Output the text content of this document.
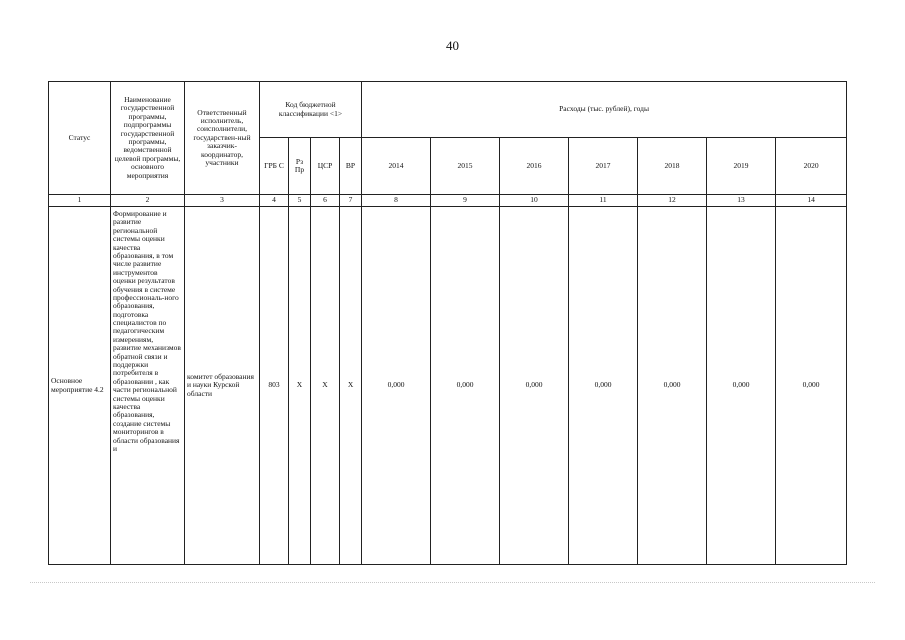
40
Статус	Наименование государственной программы, подпрограммы государственной программы, ведомственной целевой программы, основного мероприятия	Ответственный исполнитель, соисполнители, государствен-ный заказчик-координатор, участники	Код бюджетной классификации <1>				Расходы (тыс. рублей), годы						
			ГРБ С	Рз Пр	ЦСР	ВР	2014	2015	2016	2017	2018	2019	2020
1	2	3	4	5	6	7	8	9	10	11	12	13	14
Основное мероприятие 4.2	Формирование и развитие региональной системы оценки качества образования, в том числе развитие инструментов оценки результатов обучения в системе профессиональ-ного образования, подготовка специалистов по педагогическим измерениям, развитие механизмов обратной связи и поддержки потребителя в образовании , как части региональной системы оценки качества образования, создание системы мониторингов в области образования и	комитет образования и науки Курской области	803	Х	Х	Х	0,000	0,000	0,000	0,000	0,000	0,000	0,000
